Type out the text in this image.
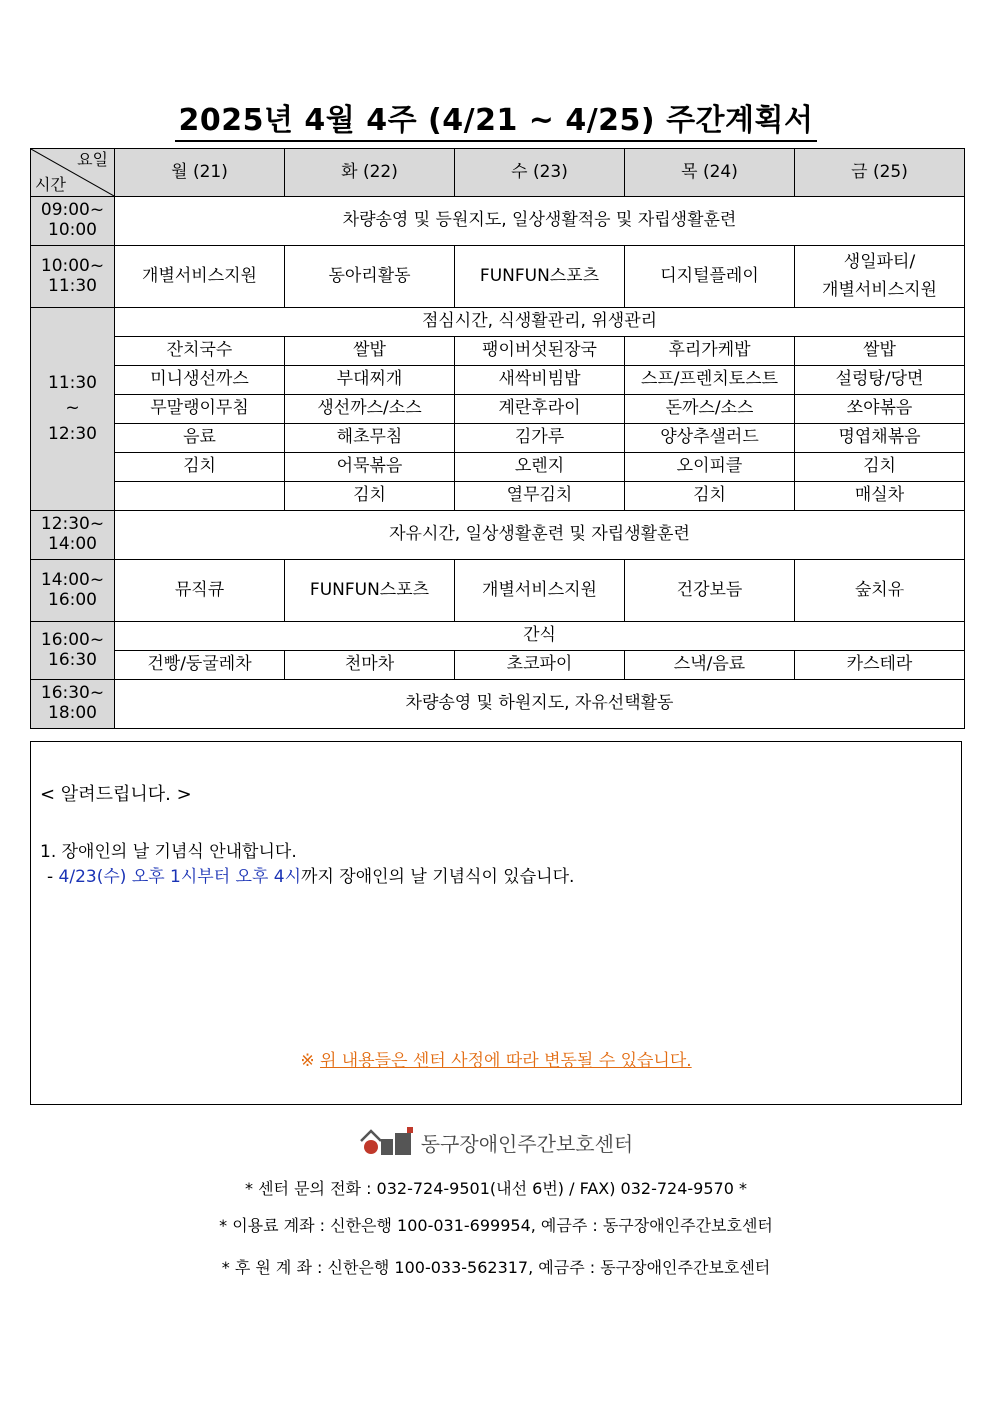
2025년 4월 4주 (4/21 ~ 4/25) 주간계획서
요일
시간	월 (21)	화 (22)	수 (23)	목 (24)	금 (25)
09:00~
10:00	차량송영 및 등원지도, 일상생활적응 및 자립생활훈련				
10:00~
11:30	개별서비스지원	동아리활동	FUNFUN스포츠	디지털플레이	생일파티/
개별서비스지원
11:30
~
12:30	점심시간, 식생활관리, 위생관리				
	잔치국수	쌀밥	팽이버섯된장국	후리가케밥	쌀밥
	미니생선까스	부대찌개	새싹비빔밥	스프/프렌치토스트	설렁탕/당면
	무말랭이무침	생선까스/소스	계란후라이	돈까스/소스	쏘야볶음
	음료	해초무침	김가루	양상추샐러드	명엽채볶음
	김치	어묵볶음	오렌지	오이피클	김치
		김치	열무김치	김치	매실차
12:30~
14:00	자유시간, 일상생활훈련 및 자립생활훈련				
14:00~
16:00	뮤직큐	FUNFUN스포츠	개별서비스지원	건강보듬	숲치유
16:00~
16:30	간식				
	건빵/둥굴레차	천마차	초코파이	스낵/음료	카스테라
16:30~
18:00	차량송영 및 하원지도, 자유선택활동				
< 알려드립니다. >
1. 장애인의 날 기념식 안내합니다.
- 4/23(수) 오후 1시부터 오후 4시까지 장애인의 날 기념식이 있습니다.
※ 위 내용들은 센터 사정에 따라 변동될 수 있습니다.
동구장애인주간보호센터
* 센터 문의 전화 : 032-724-9501(내선 6번) / FAX) 032-724-9570 *
* 이용료 계좌 : 신한은행 100-031-699954, 예금주 : 동구장애인주간보호센터
* 후 원 계 좌 : 신한은행 100-033-562317, 예금주 : 동구장애인주간보호센터
